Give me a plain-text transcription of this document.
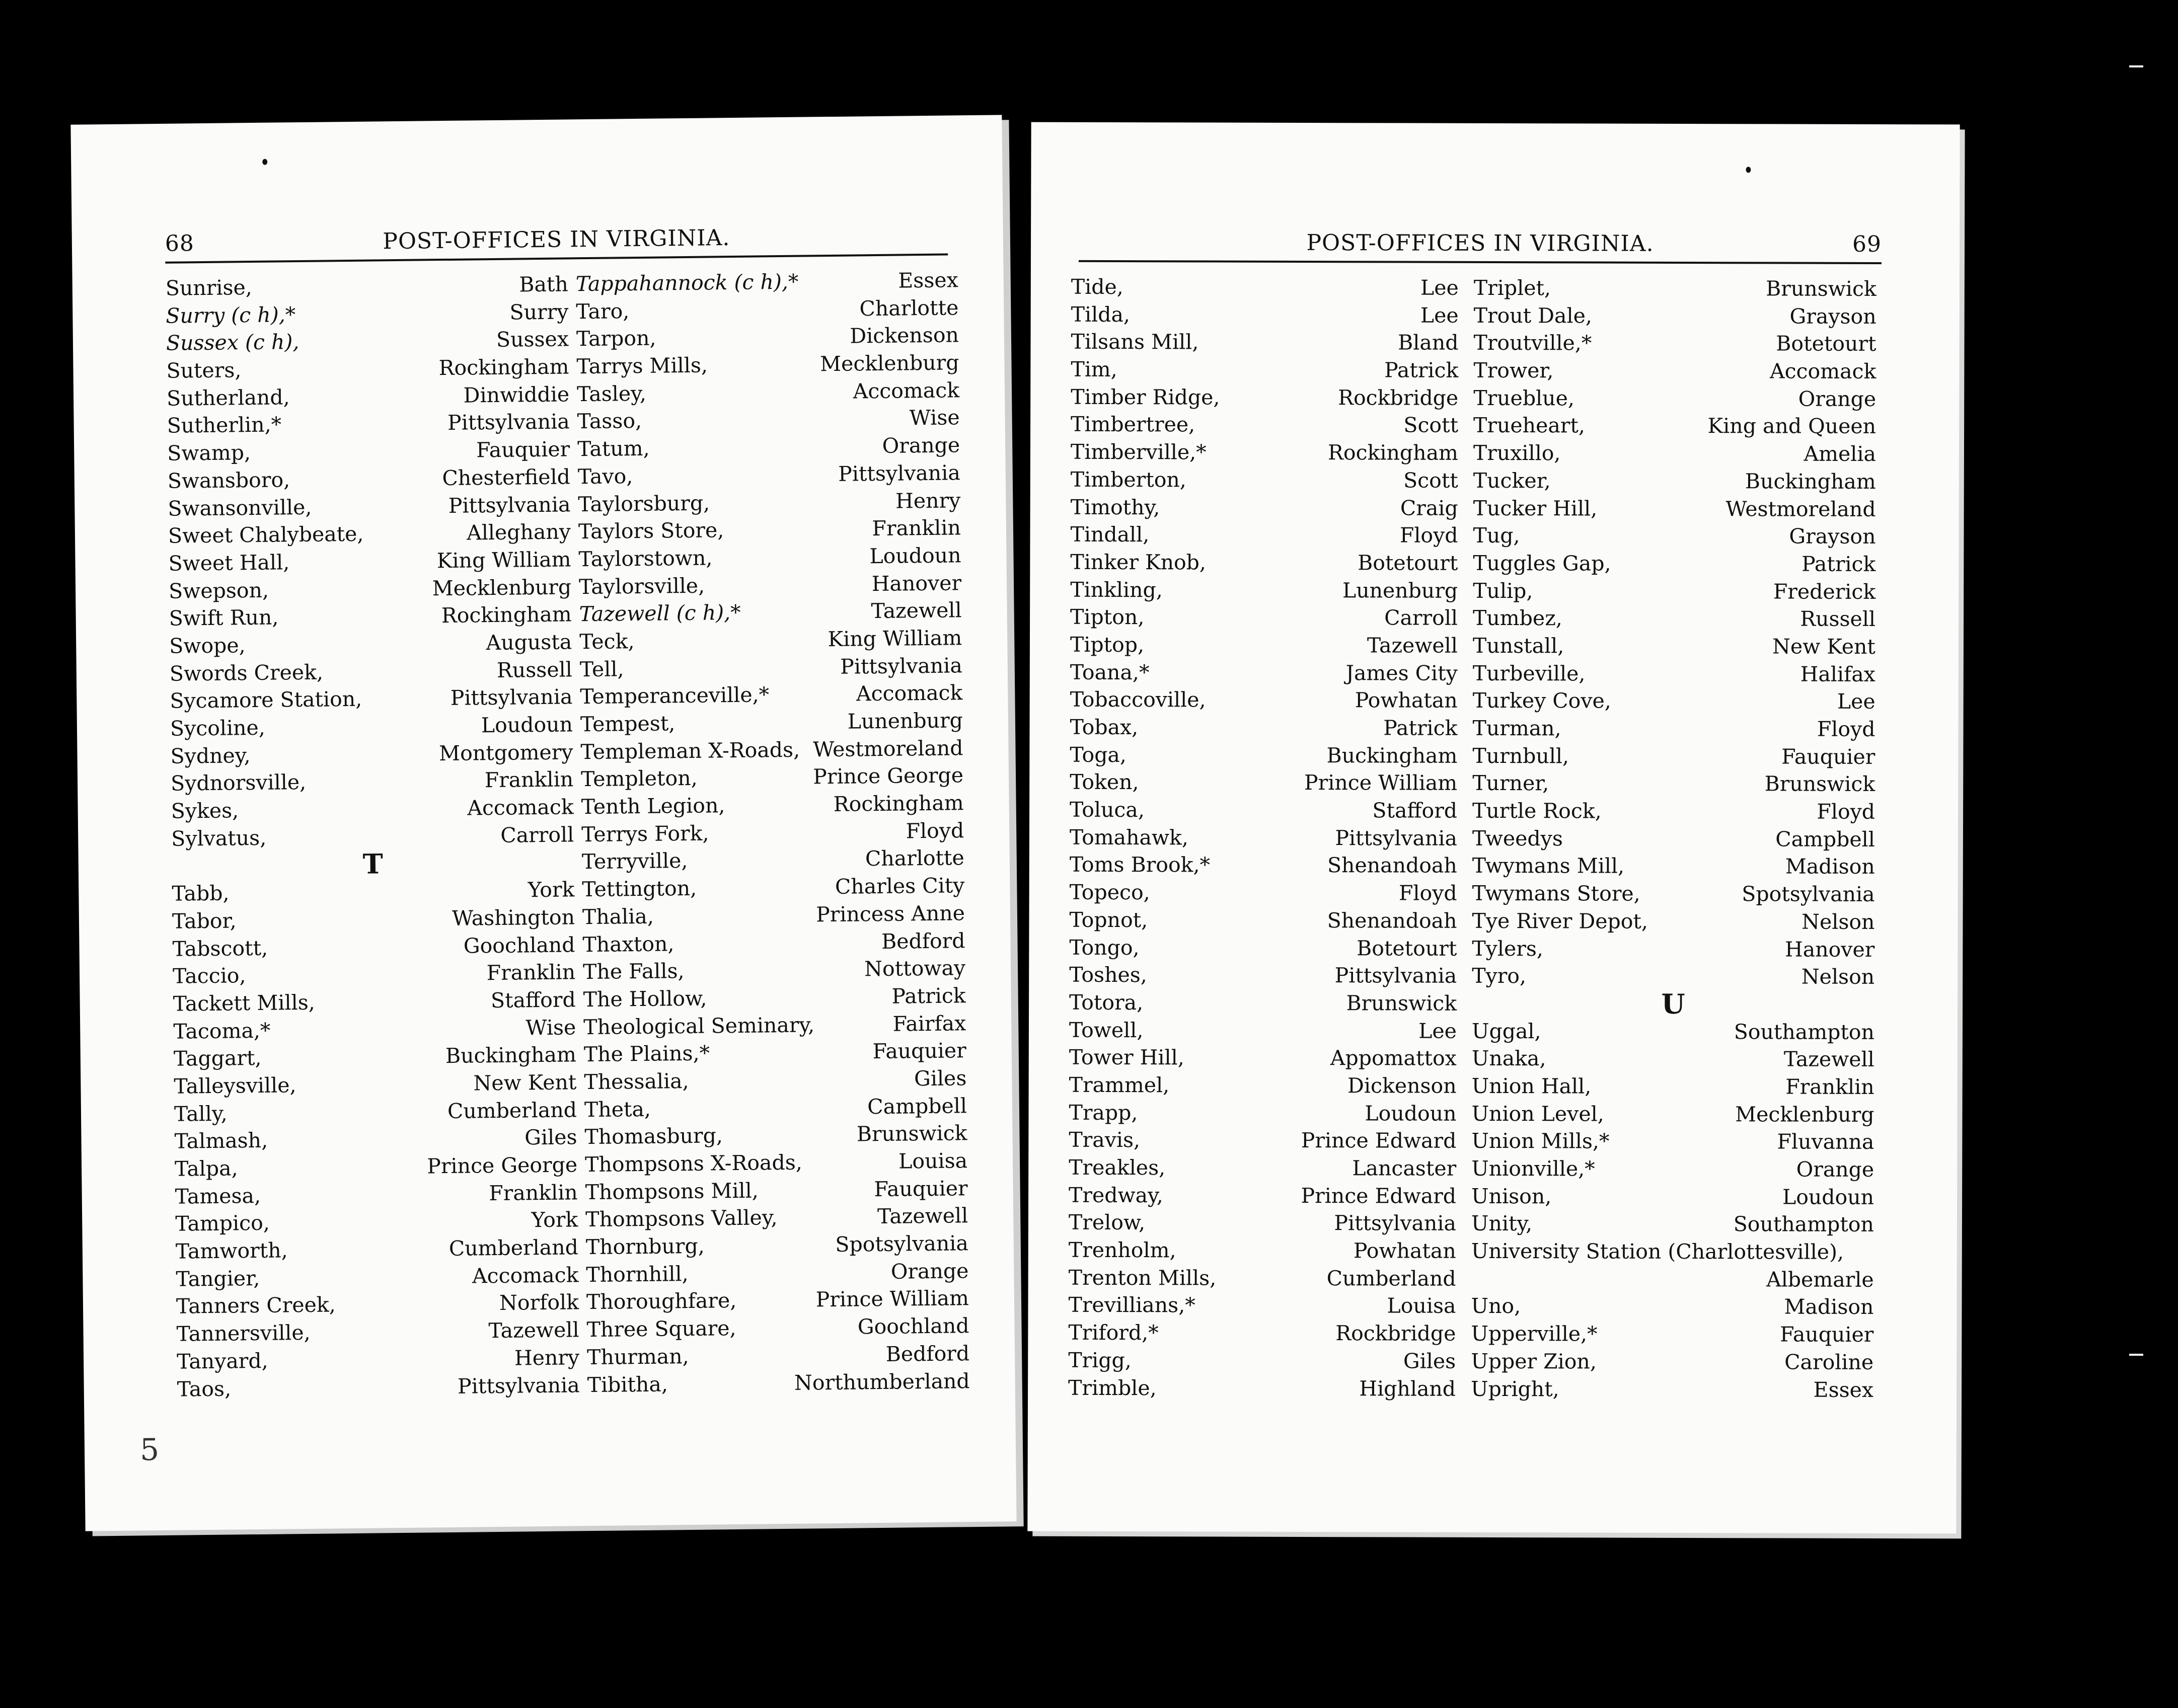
68	POST-OFFICES IN VIRGINIA.
Sunrise,	Bath
Surry (c h),*	Surry
Sussex (c h),	Sussex
Suters,	Rockingham
Sutherland,	Dinwiddie
Sutherlin,*	Pittsylvania
Swamp,	Fauquier
Swansboro,	Chesterfield
Swansonville,	Pittsylvania
Sweet Chalybeate,	Alleghany
Sweet Hall,	King William
Swepson,	Mecklenburg
Swift Run,	Rockingham
Swope,	Augusta
Swords Creek,	Russell
Sycamore Station,	Pittsylvania
Sycoline,	Loudoun
Sydney,	Montgomery
Sydnorsville,	Franklin
Sykes,	Accomack
Sylvatus,	Carroll
T
Tabb,	York
Tabor,	Washington
Tabscott,	Goochland
Taccio,	Franklin
Tackett Mills,	Stafford
Tacoma,*	Wise
Taggart,	Buckingham
Talleysville,	New Kent
Tally,	Cumberland
Talmash,	Giles
Talpa,	Prince George
Tamesa,	Franklin
Tampico,	York
Tamworth,	Cumberland
Tangier,	Accomack
Tanners Creek,	Norfolk
Tannersville,	Tazewell
Tanyard,	Henry
Taos,	Pittsylvania
Tappahannock (c h),*	Essex
Taro,	Charlotte
Tarpon,	Dickenson
Tarrys Mills,	Mecklenburg
Tasley,	Accomack
Tasso,	Wise
Tatum,	Orange
Tavo,	Pittsylvania
Taylorsburg,	Henry
Taylors Store,	Franklin
Taylorstown,	Loudoun
Taylorsville,	Hanover
Tazewell (c h),*	Tazewell
Teck,	King William
Tell,	Pittsylvania
Temperanceville,*	Accomack
Tempest,	Lunenburg
Templeman X-Roads, Westmoreland
Templeton,	Prince George
Tenth Legion,	Rockingham
Terrys Fork,	Floyd
Terryville,	Charlotte
Tettington,	Charles City
Thalia,	Princess Anne
Thaxton,	Bedford
The Falls,	Nottoway
The Hollow,	Patrick
Theological Seminary,	Fairfax
The Plains,*	Fauquier
Thessalia,	Giles
Theta,	Campbell
Thomasburg,	Brunswick
Thompsons X-Roads,	Louisa
Thompsons Mill,	Fauquier
Thompsons Valley,	Tazewell
Thornburg,	Spotsylvania
Thornhill,	Orange
Thoroughfare,	Prince William
Three Square,	Goochland
Thurman,	Bedford
Tibitha,	Northumberland
5
POST-OFFICES IN VIRGINIA.	69
Tide,	Lee
Tilda,	Lee
Tilsans Mill,	Bland
Tim,	Patrick
Timber Ridge,	Rockbridge
Timbertree,	Scott
Timberville,*	Rockingham
Timberton,	Scott
Timothy,	Craig
Tindall,	Floyd
Tinker Knob,	Botetourt
Tinkling,	Lunenburg
Tipton,	Carroll
Tiptop,	Tazewell
Toana,*	James City
Tobaccoville,	Powhatan
Tobax,	Patrick
Toga,	Buckingham
Token,	Prince William
Toluca,	Stafford
Tomahawk,	Pittsylvania
Toms Brook,*	Shenandoah
Topeco,	Floyd
Topnot,	Shenandoah
Tongo,	Botetourt
Toshes,	Pittsylvania
Totora,	Brunswick
Towell,	Lee
Tower Hill,	Appomattox
Trammel,	Dickenson
Trapp,	Loudoun
Travis,	Prince Edward
Treakles,	Lancaster
Tredway,	Prince Edward
Trelow,	Pittsylvania
Trenholm,	Powhatan
Trenton Mills,	Cumberland
Trevillians,*	Louisa
Triford,*	Rockbridge
Trigg,	Giles
Trimble,	Highland
Triplet,	Brunswick
Trout Dale,	Grayson
Troutville,*	Botetourt
Trower,	Accomack
Trueblue,	Orange
Trueheart,	King and Queen
Truxillo,	Amelia
Tucker,	Buckingham
Tucker Hill,	Westmoreland
Tug,	Grayson
Tuggles Gap,	Patrick
Tulip,	Frederick
Tumbez,	Russell
Tunstall,	New Kent
Turbeville,	Halifax
Turkey Cove,	Lee
Turman,	Floyd
Turnbull,	Fauquier
Turner,	Brunswick
Turtle Rock,	Floyd
Tweedys	Campbell
Twymans Mill,	Madison
Twymans Store,	Spotsylvania
Tye River Depot,	Nelson
Tylers,	Hanover
Tyro,	Nelson
U
Uggal,	Southampton
Unaka,	Tazewell
Union Hall,	Franklin
Union Level,	Mecklenburg
Union Mills,*	Fluvanna
Unionville,*	Orange
Unison,	Loudoun
Unity,	Southampton
University Station (Charlottesville),
Albemarle
Uno,	Madison
Upperville,*	Fauquier
Upper Zion,	Caroline
Upright,	Essex
